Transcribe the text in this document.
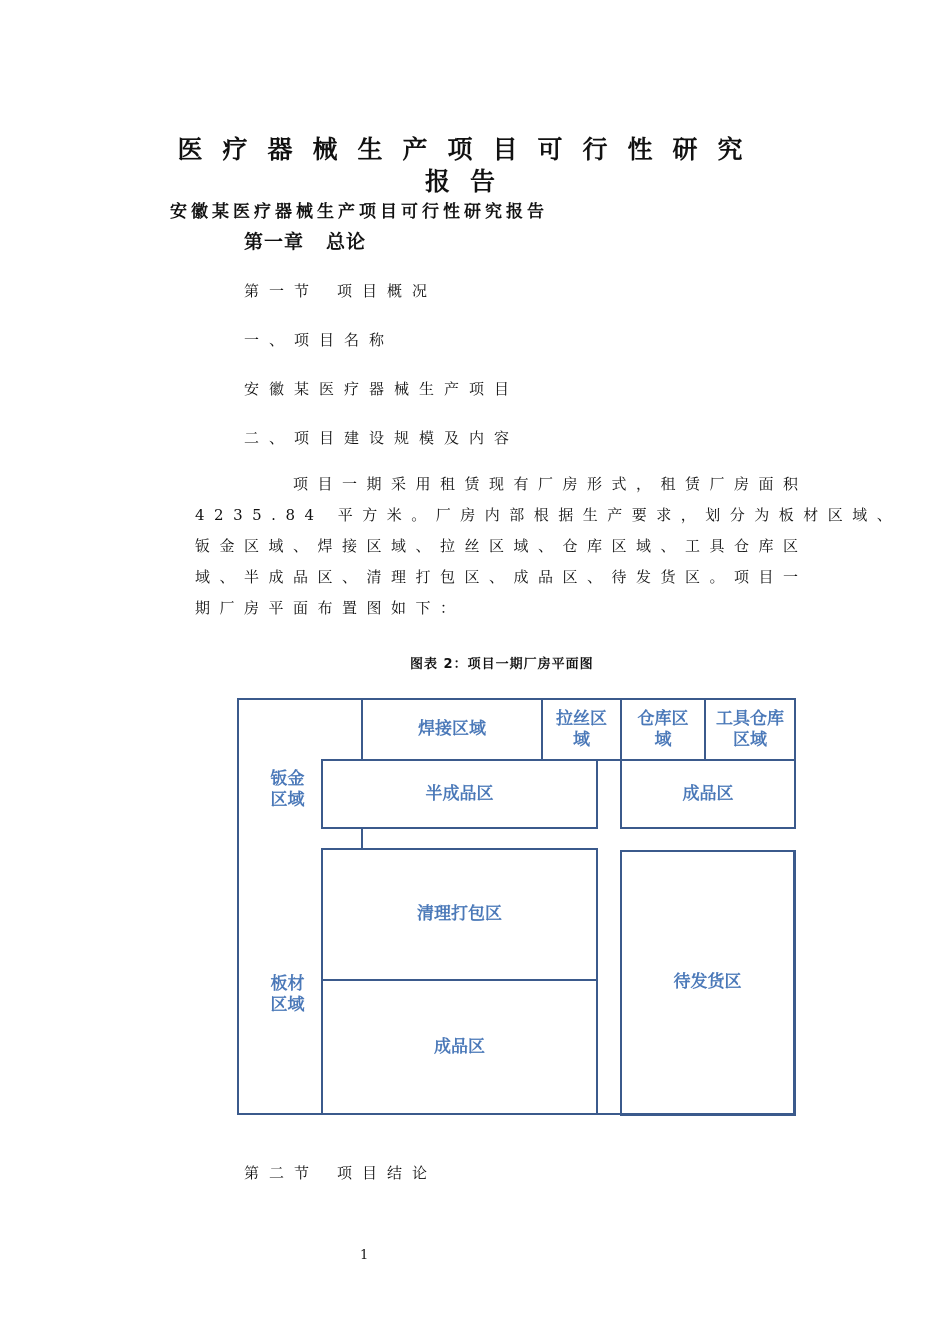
医疗器械生产项目可行性研究
报告
安徽某医疗器械生产项目可行性研究报告
第一章 总论
第一节 项目概况
一、项目名称
安徽某医疗器械生产项目
二、项目建设规模及内容
　　　　项目一期采用租赁现有厂房形式，租赁厂房面积
4235.84 平方米。厂房内部根据生产要求，划分为板材区域、
钣金区域、焊接区域、拉丝区域、仓库区域、工具仓库区
域、半成品区、清理打包区、成品区、待发货区。项目一
期厂房平面布置图如下：
图表 2：项目一期厂房平面图
钣金
区域
板材
区域
焊接区域
拉丝区
域
仓库区
域
工具仓库
区域
半成品区	成品区
清理打包区
成品区
待发货区
第二节 项目结论
1
